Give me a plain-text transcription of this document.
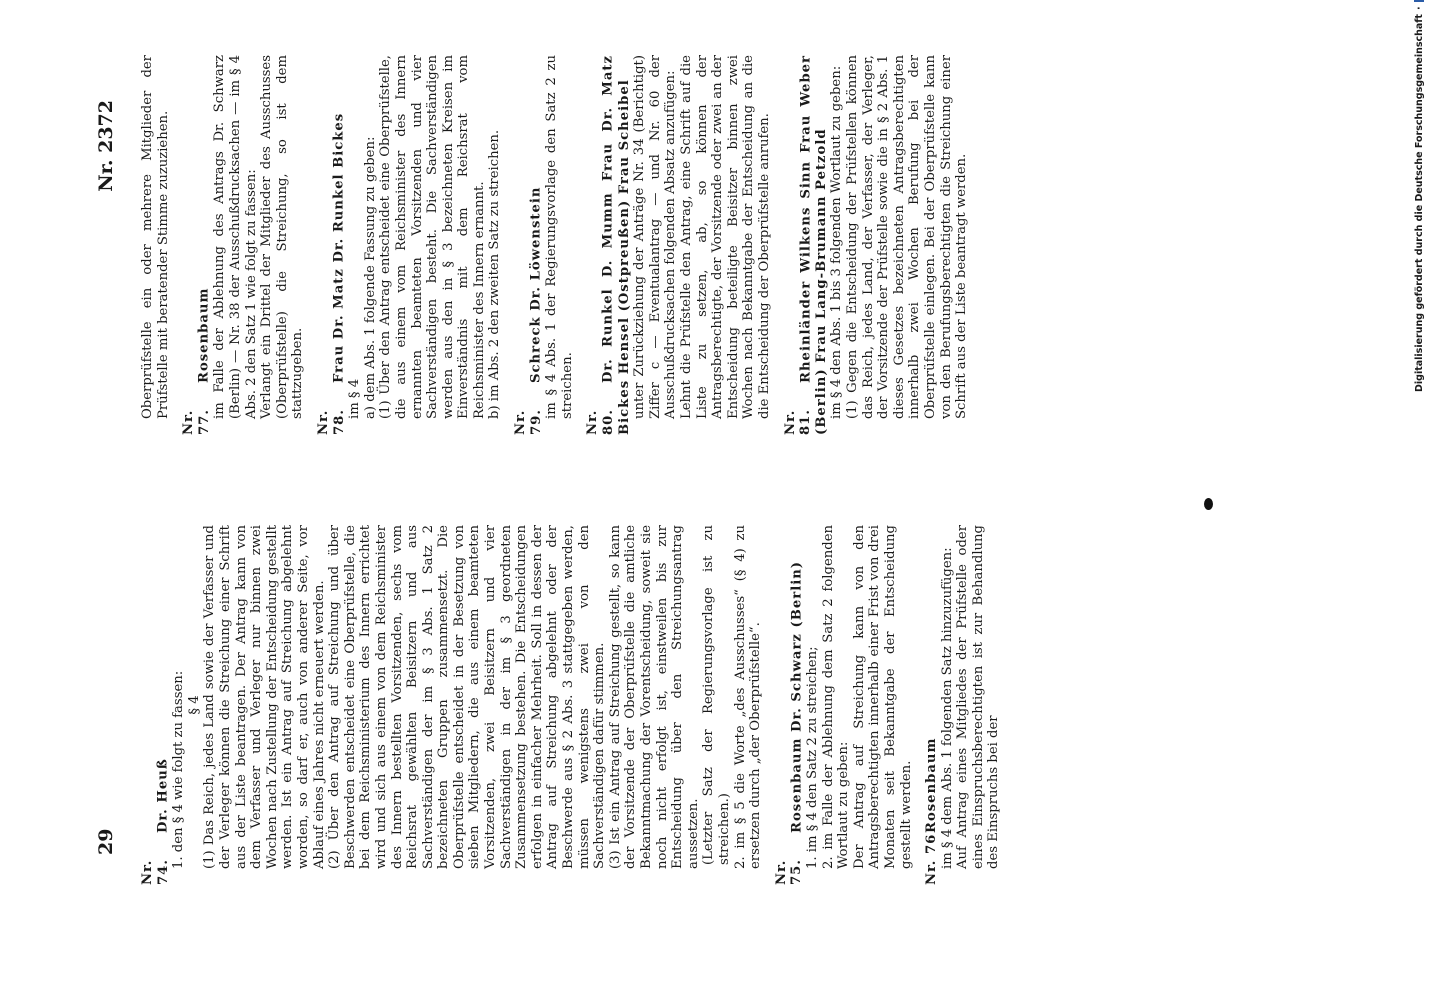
29
Nr. 2372
Nr. 74.Dr. Heuß 1. den § 4 wie folgt zu fassen: § 4 (1) Das Reich, jedes Land sowie der Verfasser und der Verleger können die Streichung einer Schrift aus der Liste beantragen. Der Antrag kann von dem Verfasser und Verleger nur binnen zwei Wochen nach Zustellung der Entscheidung gestellt werden. Ist ein Antrag auf Streichung abgelehnt worden, so darf er, auch von anderer Seite, vor Ablauf eines Jahres nicht erneuert werden. (2) Über den Antrag auf Streichung und über Beschwerden entscheidet eine Oberprüfstelle, die bei dem Reichsministerium des Innern errichtet wird und sich aus einem von dem Reichsminister des Innern bestellten Vorsitzenden, sechs vom Reichsrat gewählten Beisitzern und aus Sachverständigen der im § 3 Abs. 1 Satz 2 bezeichneten Gruppen zusammensetzt. Die Oberprüfstelle entscheidet in der Besetzung von sieben Mitgliedern, die aus einem beamteten Vorsitzenden, zwei Beisitzern und vier Sachverständigen in der im § 3 geordneten Zusammensetzung bestehen. Die Entscheidungen erfolgen in einfacher Mehrheit. Soll in dessen der Antrag auf Streichung abgelehnt oder der Beschwerde aus § 2 Abs. 3 stattgegeben werden, müssen wenigstens zwei von den Sachverständigen dafür stimmen. (3) Ist ein Antrag auf Streichung gestellt, so kann der Vorsitzende der Oberprüfstelle die amtliche Bekanntmachung der Vorentscheidung, soweit sie noch nicht erfolgt ist, einstweilen bis zur Entscheidung über den Streichungsantrag aussetzen. (Letzter Satz der Regierungsvorlage ist zu streichen.) 2. im § 5 die Worte „des Ausschusses“ (§ 4) zu ersetzen durch „der Oberprüfstelle“.

Nr. 75.Rosenbaum Dr. Schwarz (Berlin) 1. im § 4 den Satz 2 zu streichen; 2. im Falle der Ablehnung dem Satz 2 folgenden Wortlaut zu geben: Der Antrag auf Streichung kann von den Antragsberechtigten innerhalb einer Frist von drei Monaten seit Bekanntgabe der Entscheidung gestellt werden. Nr. 76Rosenbaum im § 4 dem Abs. 1 folgenden Satz hinzuzufügen: Auf Antrag eines Mitgliedes der Prüfstelle oder eines Einspruchsberechtigten ist zur Behandlung des Einspruchs bei der

Oberprüfstelle ein oder mehrere Mitglieder der Prüfstelle mit beratender Stimme zuzuziehen.

Nr. 77.Rosenbaum im Falle der Ablehnung des Antrags Dr. Schwarz (Berlin) — Nr. 38 der Ausschußdrucksachen — im § 4 Abs. 2 den Satz 1 wie folgt zu fassen: Verlangt ein Drittel der Mitglieder des Ausschusses (Oberprüfstelle) die Streichung, so ist dem stattzugeben.

Nr. 78.Frau Dr. Matz Dr. Runkel Bickes

im § 4 a) dem Abs. 1 folgende Fassung zu geben: (1) Über den Antrag entscheidet eine Oberprüfstelle, die aus einem vom Reichsminister des Innern ernannten beamteten Vorsitzenden und vier Sachverständigen besteht. Die Sachverständigen werden aus den in § 3 bezeichneten Kreisen im Einverständnis mit dem Reichsrat vom Reichsminister des Innern ernannt. b) im Abs. 2 den zweiten Satz zu streichen.

Nr. 79.Schreck Dr. Löwenstein im § 4 Abs. 1 der Regierungsvorlage den Satz 2 zu streichen.

Nr. 80.Dr. Runkel D. Mumm Frau Dr. Matz Bickes Hensel (Ostpreußen) Frau Scheibel unter Zurückziehung der Anträge Nr. 34 (Berichtigt) Ziffer c — Eventualantrag — und Nr. 60 der Ausschußdrucksachen folgenden Absatz anzufügen: Lehnt die Prüfstelle den Antrag, eine Schrift auf die Liste zu setzen, ab, so können der Antragsberechtigte, der Vorsitzende oder zwei an der Entscheidung beteiligte Beisitzer binnen zwei Wochen nach Bekanntgabe der Entscheidung an die die Entscheidung der Oberprüfstelle anrufen.

Nr. 81.Rheinländer Wilkens Sinn Frau Weber (Berlin) Frau Lang-Brumann Petzold im § 4 den Abs. 1 bis 3 folgenden Wortlaut zu geben: (1) Gegen die Entscheidung der Prüfstellen können das Reich, jedes Land, der Verfasser, der Verleger, der Vorsitzende der Prüfstelle sowie die in § 2 Abs. 1 dieses Gesetzes bezeichneten Antragsberechtigten innerhalb zwei Wochen Berufung bei der Oberprüfstelle einlegen. Bei der Oberprüfstelle kann von den Berufungsberechtigten die Streichung einer Schrift aus der Liste beantragt werden.	Digitalisierung gefördert durch die Deutsche Forschungsgemeinschaft
·
